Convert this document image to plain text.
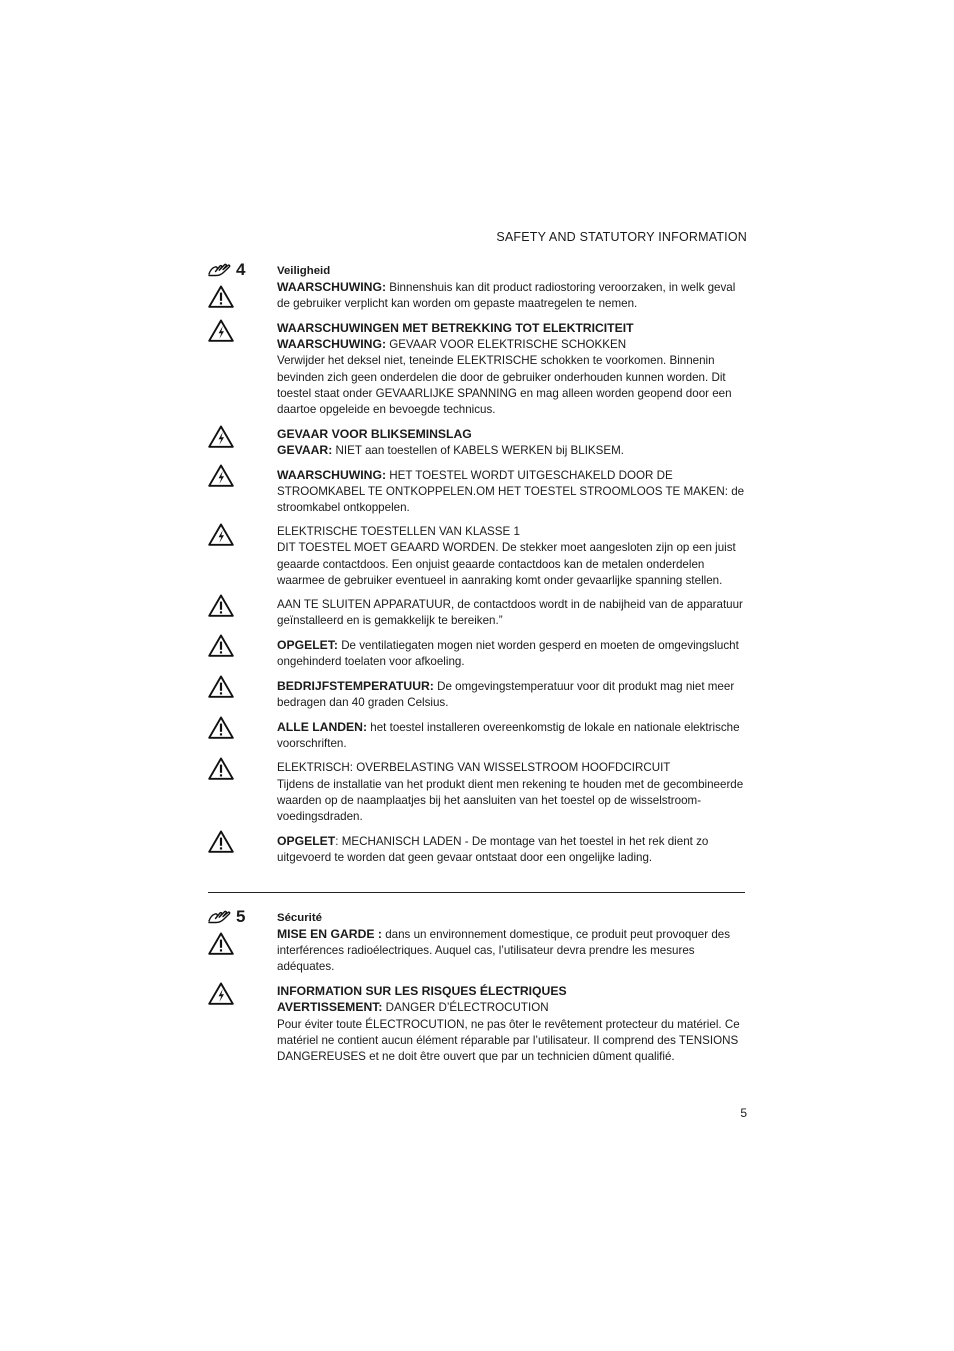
SAFETY AND STATUTORY INFORMATION
4	Veiligheid
WAARSCHUWING: Binnenshuis kan dit product radiostoring veroorzaken, in welk geval de gebruiker verplicht kan worden om gepaste maatregelen te nemen.
WAARSCHUWINGEN MET BETREKKING TOT ELEKTRICITEIT
WAARSCHUWING: GEVAAR VOOR ELEKTRISCHE SCHOKKEN
Verwijder het deksel niet, teneinde ELEKTRISCHE schokken te voorkomen. Binnenin bevinden zich geen onderdelen die door de gebruiker onderhouden kunnen worden. Dit toestel staat onder GEVAARLIJKE SPANNING en mag alleen worden geopend door een daartoe opgeleide en bevoegde technicus.
GEVAAR VOOR BLIKSEMINSLAG
GEVAAR: NIET aan toestellen of KABELS WERKEN bij BLIKSEM.
WAARSCHUWING: HET TOESTEL WORDT UITGESCHAKELD DOOR DE STROOMKABEL TE ONTKOPPELEN.OM HET TOESTEL STROOMLOOS TE MAKEN: de stroomkabel ontkoppelen.
ELEKTRISCHE TOESTELLEN VAN KLASSE 1
DIT TOESTEL MOET GEAARD WORDEN. De stekker moet aangesloten zijn op een juist geaarde contactdoos. Een onjuist geaarde contactdoos kan de metalen onderdelen waarmee de gebruiker eventueel in aanraking komt onder gevaarlijke spanning stellen.
AAN TE SLUITEN APPARATUUR, de contactdoos wordt in de nabijheid van de apparatuur geïnstalleerd en is gemakkelijk te bereiken.”
OPGELET: De ventilatiegaten mogen niet worden gesperd en moeten de omgevingslucht ongehinderd toelaten voor afkoeling.
BEDRIJFSTEMPERATUUR: De omgevingstemperatuur voor dit produkt mag niet meer bedragen dan 40 graden Celsius.
ALLE LANDEN: het toestel installeren overeenkomstig de lokale en nationale elektrische voorschriften.
ELEKTRISCH: OVERBELASTING VAN WISSELSTROOM HOOFDCIRCUIT
Tijdens de installatie van het produkt dient men rekening te houden met de gecombineerde waarden op de naamplaatjes bij het aansluiten van het toestel op de wisselstroom-voedingsdraden.
OPGELET: MECHANISCH LADEN - De montage van het toestel in het rek dient zo uitgevoerd te worden dat geen gevaar ontstaat door een ongelijke lading.
5	Sécurité
MISE EN GARDE : dans un environnement domestique, ce produit peut provoquer des interférences radioélectriques. Auquel cas, l’utilisateur devra prendre les mesures adéquates.
INFORMATION SUR LES RISQUES ÉLECTRIQUES
AVERTISSEMENT: DANGER D’ÉLECTROCUTION
Pour éviter toute ÉLECTROCUTION, ne pas ôter le revêtement protecteur du matériel. Ce matériel ne contient aucun élément réparable par l’utilisateur. Il comprend des TENSIONS DANGEREUSES et ne doit être ouvert que par un technicien dûment qualifié.
5
